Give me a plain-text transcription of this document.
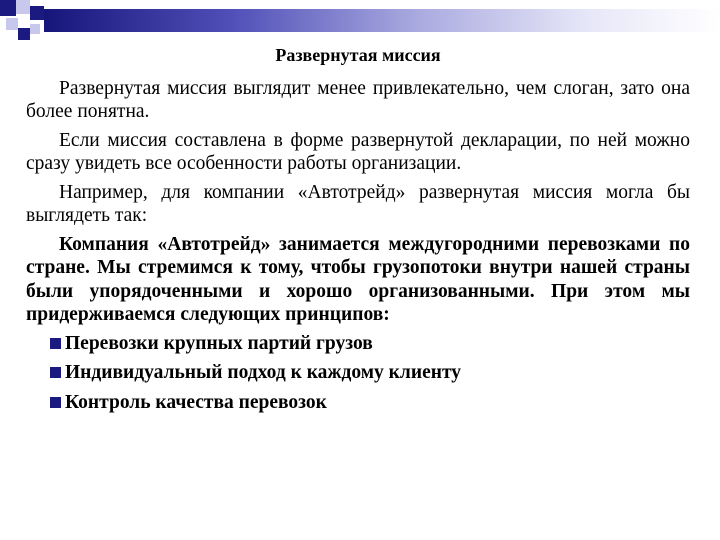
Развернутая миссия

Развернутая миссия выглядит менее привлекательно, чем слоган, зато она более понятна.

Если миссия составлена в форме развернутой декларации, по ней можно сразу увидеть все особенности работы организации.

Например, для компании «Автотрейд» развернутая миссия могла бы выглядеть так:

Компания «Автотрейд» занимается междугородними перевозками по стране. Мы стремимся к тому, чтобы грузопотоки внутри нашей страны были упорядоченными и хорошо организованными. При этом мы придерживаемся следующих принципов:

Перевозки крупных партий грузов
Индивидуальный подход к каждому клиенту
Контроль качества перевозок
